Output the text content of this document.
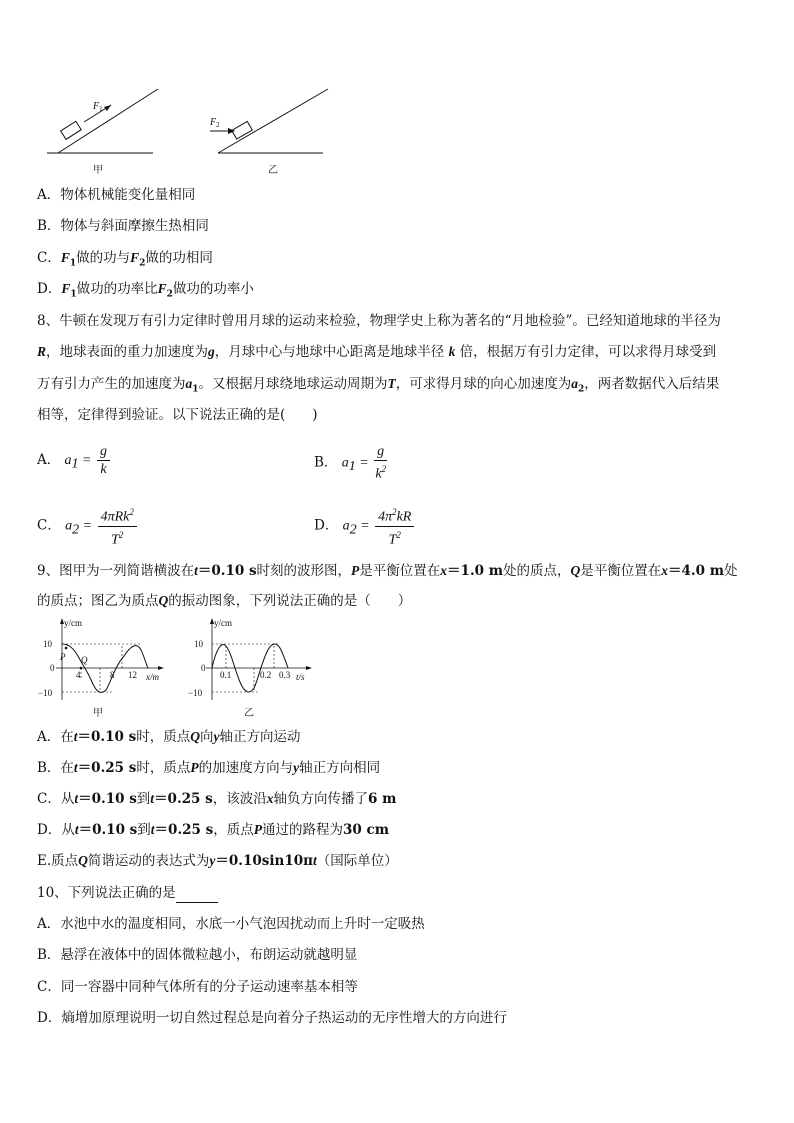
$F_1$
甲
$F_2$
乙
A．物体机械能变化量相同
B．物体与斜面摩擦生热相同
C．$F_1$做的功与$F_2$做的功相同
D．$F_1$做功的功率比$F_2$做功的功率小
8、牛顿在发现万有引力定律时曾用月球的运动来检验，物理学史上称为著名的“月地检验”。已经知道地球的半径为
R，地球表面的重力加速度为g，月球中心与地球中心距离是地球半径 k 倍，根据万有引力定律，可以求得月球受到
万有引力产生的加速度为$a_1$。又根据月球绕地球运动周期为T，可求得月球的向心加速度为$a_2$，两者数据代入后结果
相等，定律得到验证。以下说法正确的是(　　)
A． $a_1 = \frac{g}{k}$	B． $a_1 = \frac{g}{k^2}$
C． $a_2 = \frac{4\pi Rk^2}{T^2}$	D． $a_2 = \frac{4\pi^2kR}{T^2}$
9、图甲为一列简谐横波在t＝0.10 s时刻的波形图，P是平衡位置在x＝1.0 m处的质点，Q是平衡位置在x＝4.0 m处
的质点；图乙为质点Q的振动图象，下列说法正确的是（　　）
y/cm
x/m
10
0
−10
4	8 12
P Q
甲
y/cm
t/s
10
0
−10
0.1	0.2 0.3
乙
A．在t＝0.10 s时，质点Q向y轴正方向运动
B．在t＝0.25 s时，质点P的加速度方向与y轴正方向相同
C．从t＝0.10 s到t＝0.25 s，该波沿x轴负方向传播了6 m
D．从t＝0.10 s到t＝0.25 s，质点P通过的路程为30 cm
E.质点Q简谐运动的表达式为y＝0.10sin10πt（国际单位）
10、下列说法正确的是
A．水池中水的温度相同，水底一小气泡因扰动而上升时一定吸热
B．悬浮在液体中的固体微粒越小，布朗运动就越明显
C．同一容器中同种气体所有的分子运动速率基本相等
D．熵增加原理说明一切自然过程总是向着分子热运动的无序性增大的方向进行
